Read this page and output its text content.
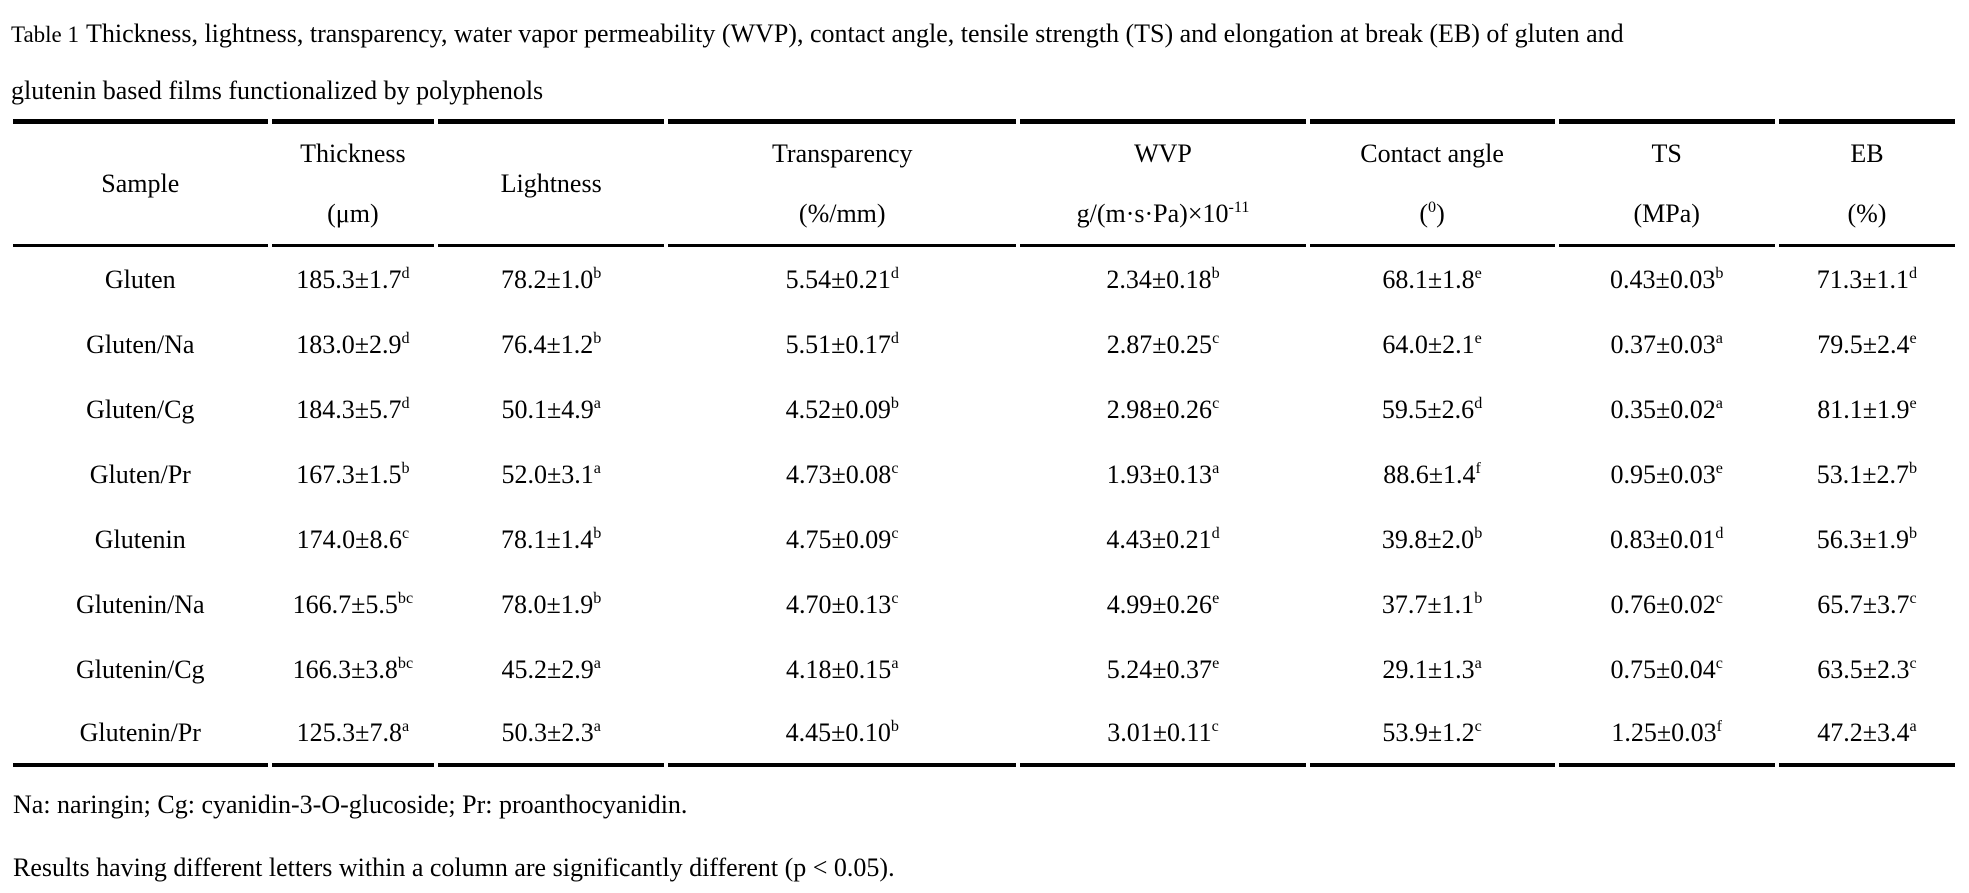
Table 1 Thickness, lightness, transparency, water vapor permeability (WVP), contact angle, tensile strength (TS) and elongation at break (EB) of gluten and
glutenin based films functionalized by polyphenols
Sample

Thickness
(μm)

Lightness

Transparency
(%/mm)

WVP
$g/(m\cdot s\cdot Pa)\times 10^{-11}$

Contact angle
($^0$)

TS
(MPa)

EB
(%)

Gluten	185.3±1.7$^d$	78.2±1.0$^b$	5.54±0.21$^d$	2.34±0.18$^b$	68.1±1.8$^e$	0.43±0.03$^b$	71.3±1.1$^d$
Gluten/Na	183.0±2.9$^d$	76.4±1.2$^b$	5.51±0.17$^d$	2.87±0.25$^c$	64.0±2.1$^e$	0.37±0.03$^a$	79.5±2.4$^e$
Gluten/Cg	184.3±5.7$^d$	50.1±4.9$^a$	4.52±0.09$^b$	2.98±0.26$^c$	59.5±2.6$^d$	0.35±0.02$^a$	81.1±1.9$^e$
Gluten/Pr	167.3±1.5$^b$	52.0±3.1$^a$	4.73±0.08$^c$	1.93±0.13$^a$	88.6±1.4$^f$	0.95±0.03$^e$	53.1±2.7$^b$
Glutenin	174.0±8.6$^c$	78.1±1.4$^b$	4.75±0.09$^c$	4.43±0.21$^d$	39.8±2.0$^b$	0.83±0.01$^d$	56.3±1.9$^b$
Glutenin/Na	166.7±5.5$^{bc}$	78.0±1.9$^b$	4.70±0.13$^c$	4.99±0.26$^e$	37.7±1.1$^b$	0.76±0.02$^c$	65.7±3.7$^c$
Glutenin/Cg	166.3±3.8$^{bc}$	45.2±2.9$^a$	4.18±0.15$^a$	5.24±0.37$^e$	29.1±1.3$^a$	0.75±0.04$^c$	63.5±2.3$^c$
Glutenin/Pr	125.3±7.8$^a$	50.3±2.3$^a$	4.45±0.10$^b$	3.01±0.11$^c$	53.9±1.2$^c$	1.25±0.03$^f$	47.2±3.4$^a$

Na: naringin; Cg: cyanidin-3-O-glucoside; Pr: proanthocyanidin.

Results having different letters within a column are significantly different (p < 0.05).
